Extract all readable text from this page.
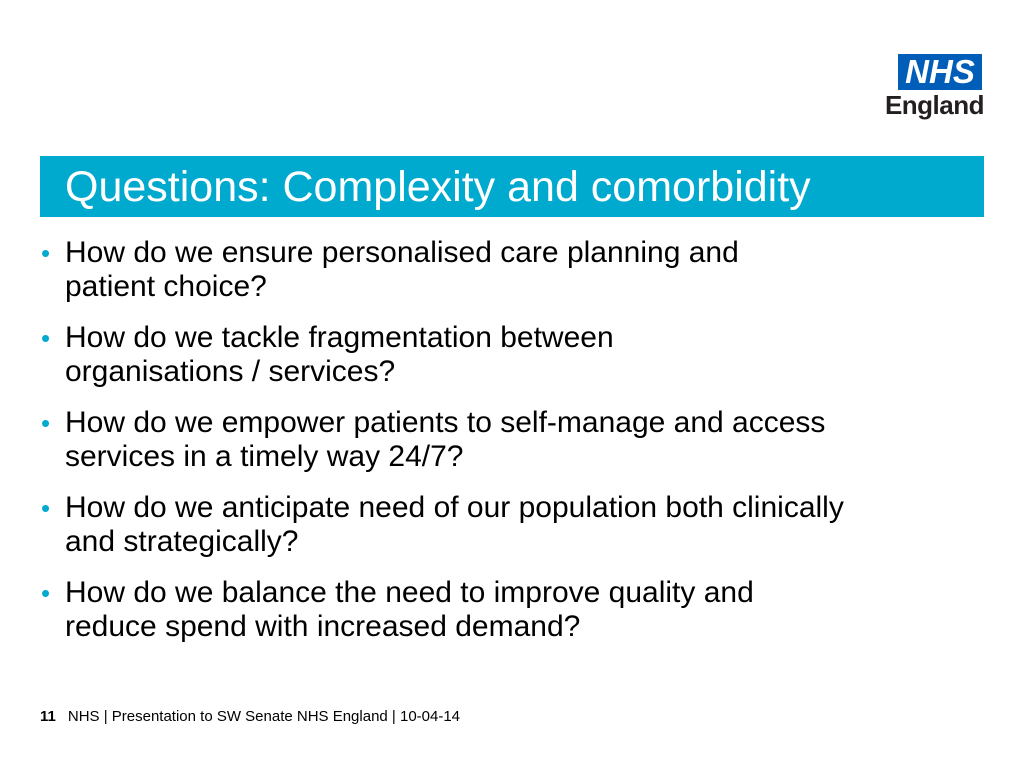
NHS
England
Questions: Complexity and comorbidity
• How do we ensure personalised care planning and patient choice?
• How do we tackle fragmentation between organisations / services?
• How do we empower patients to self-manage and access services in a timely way 24/7?
• How do we anticipate need of our population both clinically and strategically?
• How do we balance the need to improve quality and reduce spend with increased demand?
11 NHS | Presentation to SW Senate NHS England | 10-04-14
